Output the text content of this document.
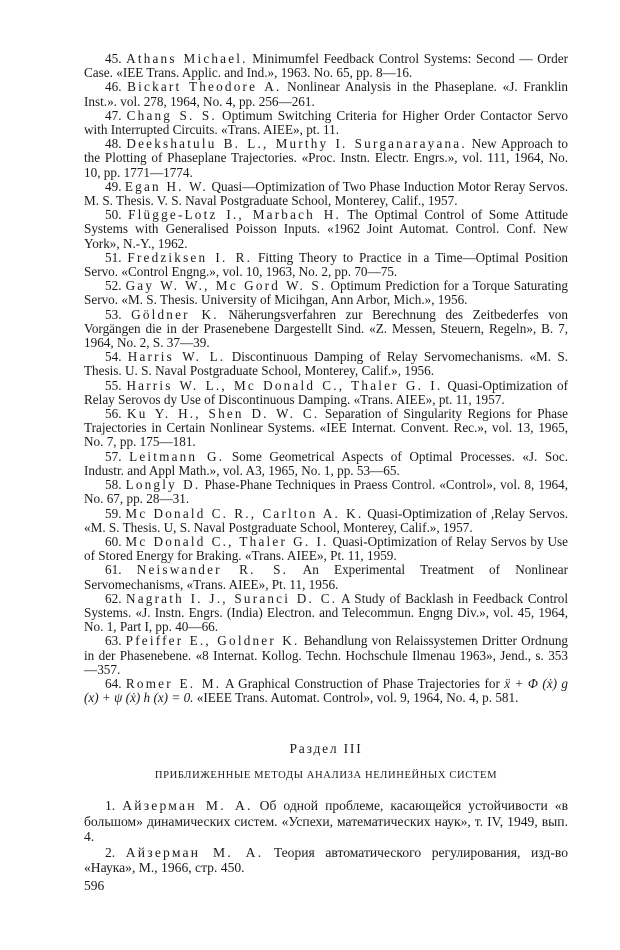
45. Athans Michael. Minimumfel Feedback Control Systems: Second — Order Case. «IEE Trans. Applic. and Ind.», 1963. No. 65, pp. 8—16.

46. Bickart Theodore A. Nonlinear Analysis in the Phaseplane. «J. Franklin Inst.». vol. 278, 1964, No. 4, pp. 256—261.

47. Chang S. S. Optimum Switching Criteria for Higher Order Contactor Servo with Interrupted Circuits. «Trans. AIEE», pt. 11.

48. Deekshatulu B. L., Murthy I. Surganarayana. New Approach to the Plotting of Phaseplane Trajectories. «Proc. Instn. Electr. Engrs.», vol. 111, 1964, No. 10, pp. 1771—1774.

49. Egan H. W. Quasi—Optimization of Two Phase Induction Motor Reray Servos. M. S. Thesis. V. S. Naval Postgraduate School, Monterey, Calif., 1957.

50. Flügge-Lotz I., Marbach H. The Optimal Control of Some Attitude Systems with Generalised Poisson Inputs. «1962 Joint Automat. Control. Conf. New York», N.-Y., 1962.

51. Fredziksen I. R. Fitting Theory to Practice in a Time—Optimal Position Servo. «Control Engng.», vol. 10, 1963, No. 2, pp. 70—75.

52. Gay W. W., Mc Gord W. S. Optimum Prediction for a Torque Saturating Servo. «M. S. Thesis. University of Micihgan, Ann Arbor, Mich.», 1956.

53. Göldner K. Näherungsverfahren zur Berechnung des Zeitbederfes von Vorgängen die in der Prasenebene Dargestellt Sind. «Z. Messen, Steuern, Regeln», B. 7, 1964, No. 2, S. 37—39.

54. Harris W. L. Discontinuous Damping of Relay Servomechanisms. «M. S. Thesis. U. S. Naval Postgraduate School, Monterey, Calif.», 1956.

55. Harris W. L., Mc Donald C., Thaler G. I. Quasi-Optimization of Relay Serovos dy Use of Discontinuous Damping. «Trans. AIEE», pt. 11, 1957.

56. Ku Y. H., Shen D. W. C. Separation of Singularity Regions for Phase Trajectories in Certain Nonlinear Systems. «IEE Internat. Convent. Rec.», vol. 13, 1965, No. 7, pp. 175—181.

57. Leitmann G. Some Geometrical Aspects of Optimal Processes. «J. Soc. Industr. and Appl Math.», vol. A3, 1965, No. 1, pp. 53—65.

58. Longly D. Phase-Phane Techniques in Praess Control. «Control», vol. 8, 1964, No. 67, pp. 28—31.

59. Mc Donald C. R., Carlton A. K. Quasi-Optimization of ,Relay Servos. «M. S. Thesis. U, S. Naval Postgraduate School, Monterey, Calif.», 1957.

60. Mc Donald C., Thaler G. I. Quasi-Optimization of Relay Servos by Use of Stored Energy for Braking. «Trans. AIEE», Pt. 11, 1959.

61. Neiswander R. S. An Experimental Treatment of Nonlinear Servomechanisms, «Trans. AIEE», Pt. 11, 1956.

62. Nagrath I. J., Suranci D. C. A Study of Backlash in Feedback Control Systems. «J. Instn. Engrs. (India) Electron. and Telecommun. Engng Div.», vol. 45, 1964, No. 1, Part I, pp. 40—66.

63. Pfeiffer E., Goldner K. Behandlung von Relaissystemen Dritter Ordnung in der Phasenebene. «8 Internat. Kollog. Techn. Hochschule Ilmenau 1963», Jend., s. 353—357.

64. Romer E. M. A Graphical Construction of Phase Trajectories for ẍ + Φ (ẋ) g (x) + ψ (ẋ) h (x) = 0. «IEEE Trans. Automat. Control», vol. 9, 1964, No. 4, p. 581.

Раздел III
ПРИБЛИЖЕННЫЕ МЕТОДЫ АНАЛИЗА НЕЛИНЕЙНЫХ СИСТЕМ

1. Айзерман М. А. Об одной проблеме, касающейся устойчивости «в большом» динамических систем. «Успехи, математических наук», т. IV, 1949, вып. 4.

2. Айзерман М. А. Теория автоматического регулирования, изд-во «Наука», М., 1966, стр. 450.

596
